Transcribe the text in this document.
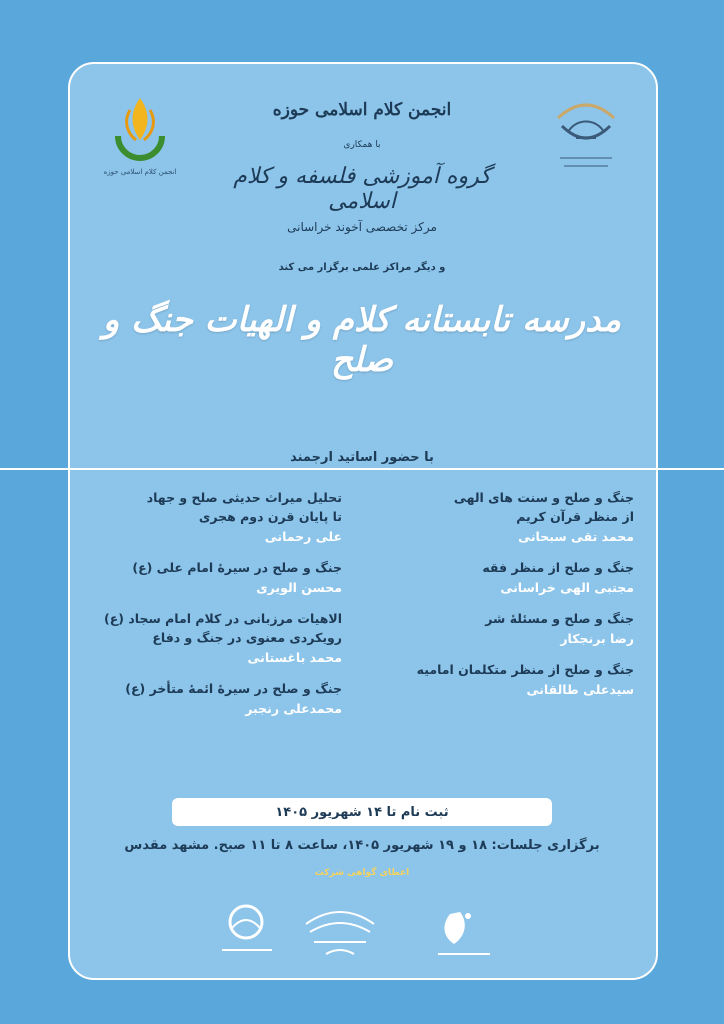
انجمن کلام اسلامی حوزه
انجمن کلام اسلامی حوزه
با همکاری
گروه آموزشی فلسفه و کلام اسلامی
مرکز تخصصی آخوند خراسانی
و دیگر مراکز علمی برگزار می کند
مدرسه تابستانه کلام و الهیات جنگ و صلح
با حضور اساتید ارجمند
جنگ و صلح و سنت های الهی
از منظر قرآن کریم
محمد تقی سبحانی
جنگ و صلح از منظر فقه
مجتبی الهی خراسانی
جنگ و صلح و مسئلهٔ شر
رضا برنجکار
جنگ و صلح از منظر متکلمان امامیه
سیدعلی طالقانی
تحلیل میراث حدیثی صلح و جهاد
تا پایان قرن دوم هجری
علی رحمانی
جنگ و صلح در سیرهٔ امام علی (ع)
محسن الویری
الاهیات مرزبانی در کلام امام سجاد (ع)
رویکردی معنوی در جنگ و دفاع
محمد باغستانی
جنگ و صلح در سیرهٔ ائمهٔ متأخر (ع)
محمدعلی رنجبر
ثبت نام تا ۱۴ شهریور ۱۴۰۵
برگزاری جلسات: ۱۸ و ۱۹ شهریور ۱۴۰۵، ساعت ۸ تا ۱۱ صبح. مشهد مقدس
اعطای گواهی شرکت
